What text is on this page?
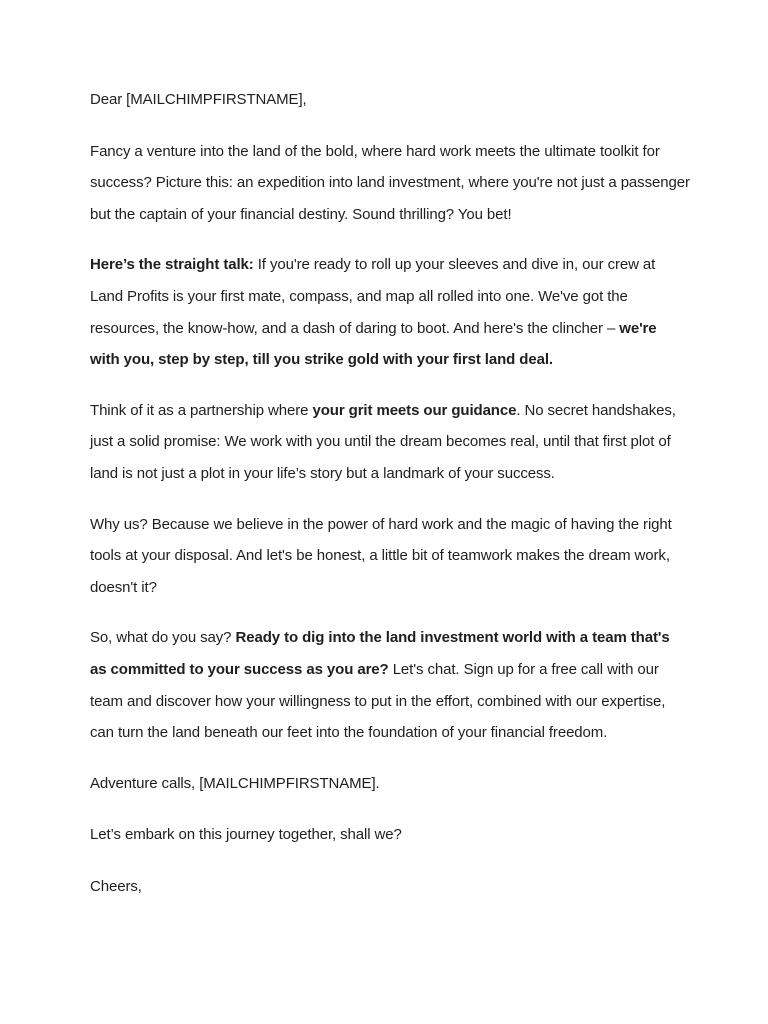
Dear [MAILCHIMPFIRSTNAME],

Fancy a venture into the land of the bold, where hard work meets the ultimate toolkit for success? Picture this: an expedition into land investment, where you're not just a passenger but the captain of your financial destiny. Sound thrilling? You bet!

Here’s the straight talk: If you're ready to roll up your sleeves and dive in, our crew at Land Profits is your first mate, compass, and map all rolled into one. We've got the resources, the know-how, and a dash of daring to boot. And here's the clincher – we're with you, step by step, till you strike gold with your first land deal.

Think of it as a partnership where your grit meets our guidance. No secret handshakes, just a solid promise: We work with you until the dream becomes real, until that first plot of land is not just a plot in your life’s story but a landmark of your success.

Why us? Because we believe in the power of hard work and the magic of having the right tools at your disposal. And let's be honest, a little bit of teamwork makes the dream work, doesn't it?

So, what do you say? Ready to dig into the land investment world with a team that's as committed to your success as you are? Let's chat. Sign up for a free call with our team and discover how your willingness to put in the effort, combined with our expertise, can turn the land beneath our feet into the foundation of your financial freedom.

Adventure calls, [MAILCHIMPFIRSTNAME].

Let’s embark on this journey together, shall we?

Cheers,
